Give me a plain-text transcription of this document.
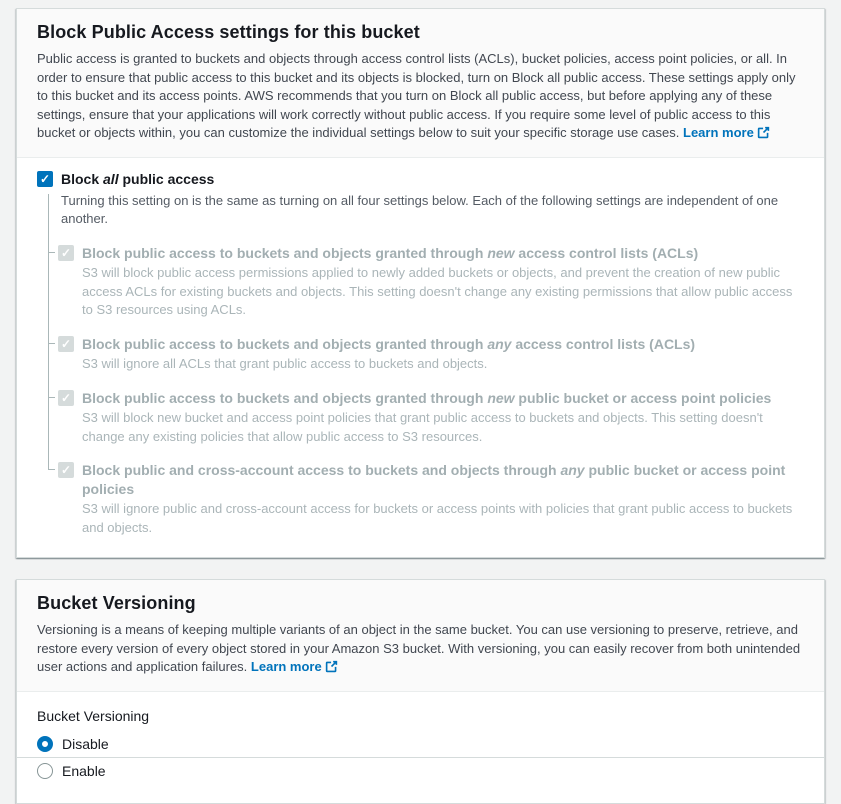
Block Public Access settings for this bucket

Public access is granted to buckets and objects through access control lists (ACLs), bucket policies, access point policies, or all. In order to ensure that public access to this bucket and its objects is blocked, turn on Block all public access. These settings apply only to this bucket and its access points. AWS recommends that you turn on Block all public access, but before applying any of these settings, ensure that your applications will work correctly without public access. If you require some level of public access to this bucket or objects within, you can customize the individual settings below to suit your specific storage use cases. Learn more

✓ Block all public access

Turning this setting on is the same as turning on all four settings below. Each of the following settings are independent of one another.

✓ Block public access to buckets and objects granted through new access control lists (ACLs)

S3 will block public access permissions applied to newly added buckets or objects, and prevent the creation of new public access ACLs for existing buckets and objects. This setting doesn't change any existing permissions that allow public access to S3 resources using ACLs.

✓ Block public access to buckets and objects granted through any access control lists (ACLs)

S3 will ignore all ACLs that grant public access to buckets and objects.

✓ Block public access to buckets and objects granted through new public bucket or access point policies

S3 will block new bucket and access point policies that grant public access to buckets and objects. This setting doesn't change any existing policies that allow public access to S3 resources.

✓ Block public and cross-account access to buckets and objects through any public bucket or access point policies

S3 will ignore public and cross-account access for buckets or access points with policies that grant public access to buckets and objects.

Bucket Versioning

Versioning is a means of keeping multiple variants of an object in the same bucket. You can use versioning to preserve, retrieve, and restore every version of every object stored in your Amazon S3 bucket. With versioning, you can easily recover from both unintended user actions and application failures. Learn more

Bucket Versioning
Disable
Enable
